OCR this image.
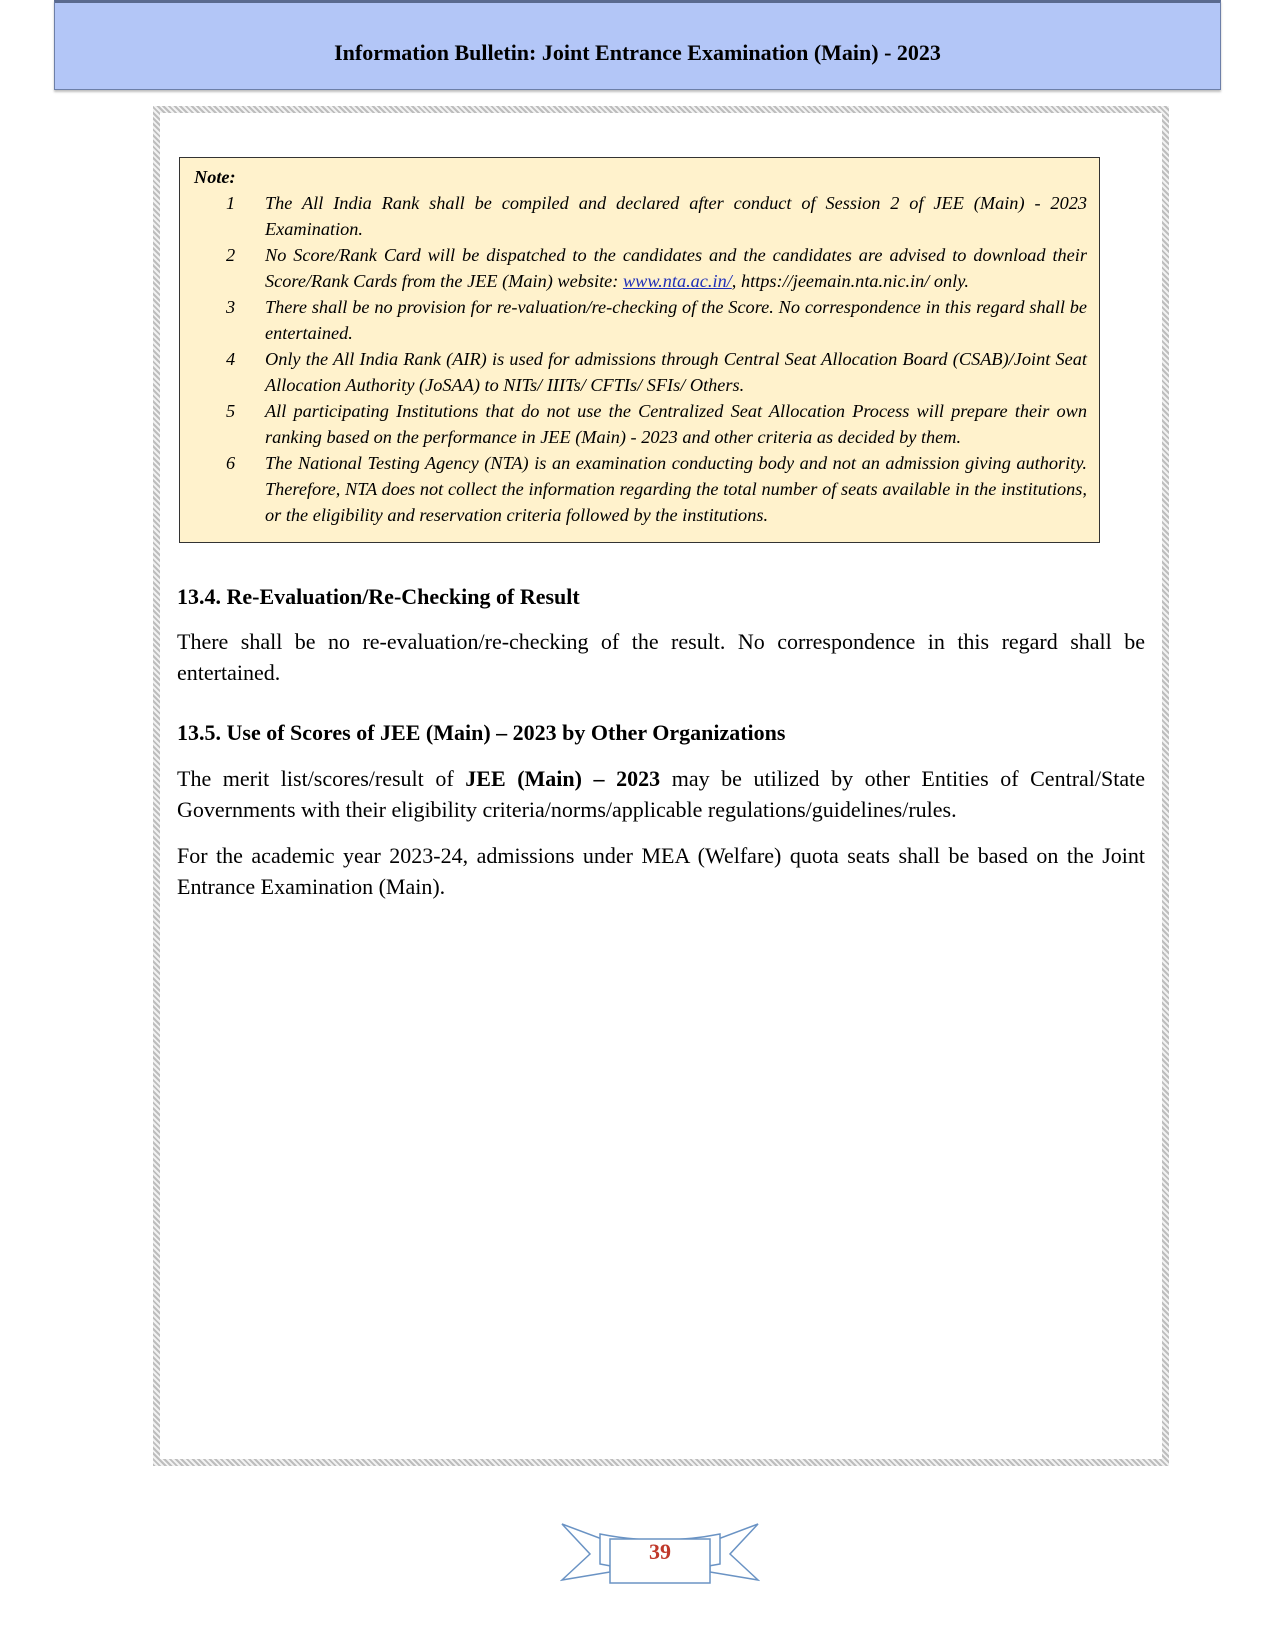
Information Bulletin: Joint Entrance Examination (Main) - 2023
Note:
1 The All India Rank shall be compiled and declared after conduct of Session 2 of JEE (Main) - 2023 Examination.
2 No Score/Rank Card will be dispatched to the candidates and the candidates are advised to download their Score/Rank Cards from the JEE (Main) website: www.nta.ac.in/, https://jeemain.nta.nic.in/ only.
3 There shall be no provision for re-valuation/re-checking of the Score. No correspondence in this regard shall be entertained.
4 Only the All India Rank (AIR) is used for admissions through Central Seat Allocation Board (CSAB)/Joint Seat Allocation Authority (JoSAA) to NITs/ IIITs/ CFTIs/ SFIs/ Others.
5 All participating Institutions that do not use the Centralized Seat Allocation Process will prepare their own ranking based on the performance in JEE (Main) - 2023 and other criteria as decided by them.
6 The National Testing Agency (NTA) is an examination conducting body and not an admission giving authority. Therefore, NTA does not collect the information regarding the total number of seats available in the institutions, or the eligibility and reservation criteria followed by the institutions.
13.4. Re-Evaluation/Re-Checking of Result
There shall be no re-evaluation/re-checking of the result. No correspondence in this regard shall be entertained.
13.5. Use of Scores of JEE (Main) – 2023 by Other Organizations
The merit list/scores/result of JEE (Main) – 2023 may be utilized by other Entities of Central/State Governments with their eligibility criteria/norms/applicable regulations/guidelines/rules.
For the academic year 2023-24, admissions under MEA (Welfare) quota seats shall be based on the Joint Entrance Examination (Main).
39
